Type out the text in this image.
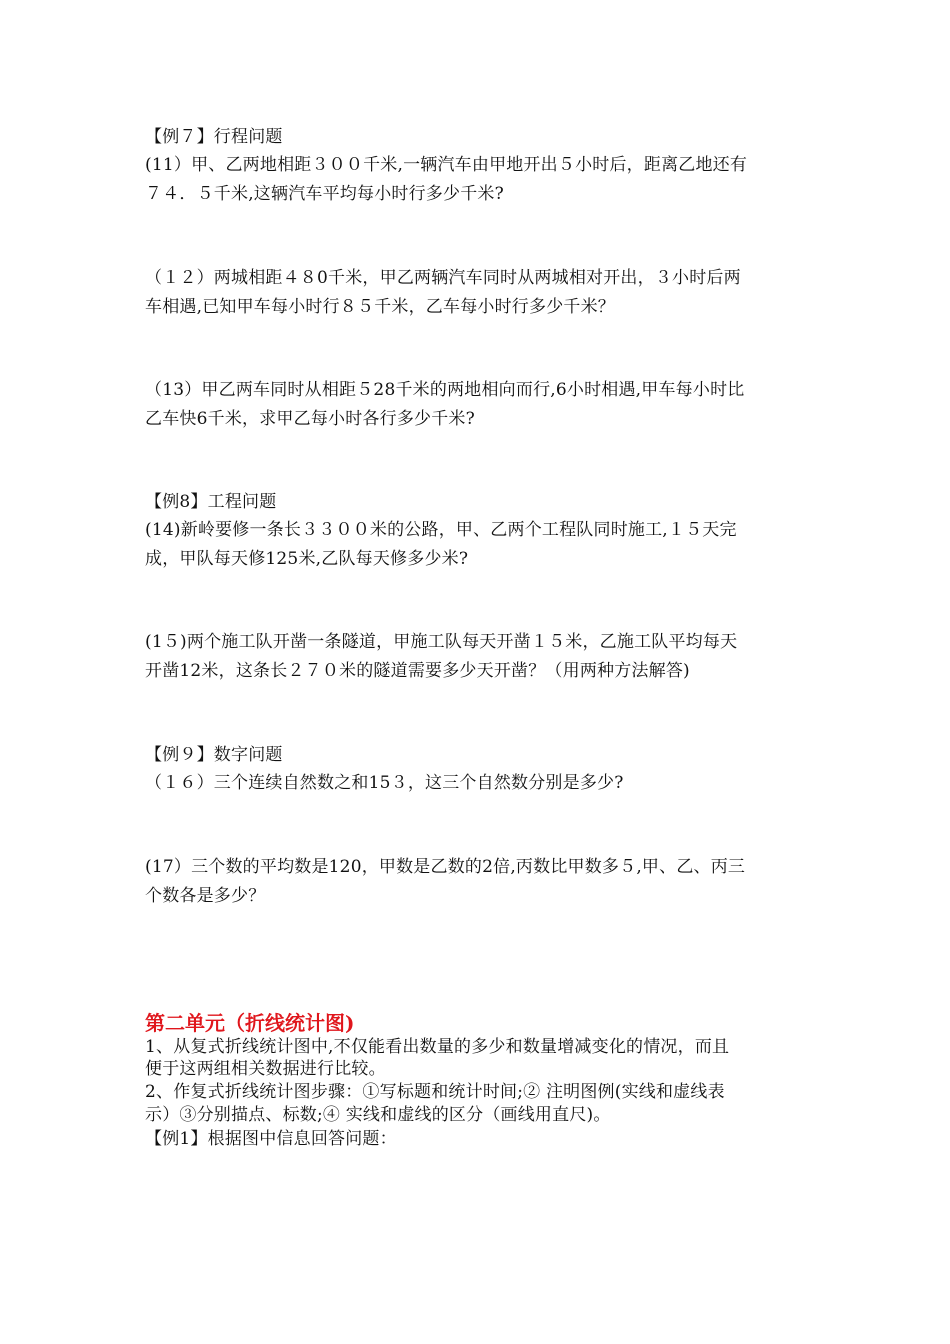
【例７】行程问题
(11）甲、乙两地相距３００千米,一辆汽车由甲地开出５小时后，距离乙地还有
７４．５千米,这辆汽车平均每小时行多少千米?
（１２）两城相距４８0千米，甲乙两辆汽车同时从两城相对开出，３小时后两
车相遇,已知甲车每小时行８５千米，乙车每小时行多少千米？
（13）甲乙两车同时从相距５28千米的两地相向而行,6小时相遇,甲车每小时比
乙车快6千米，求甲乙每小时各行多少千米?
【例8】工程问题
(14)新岭要修一条长３３００米的公路，甲、乙两个工程队同时施工,１５天完
成，甲队每天修125米,乙队每天修多少米?
(1５)两个施工队开凿一条隧道，甲施工队每天开凿１５米，乙施工队平均每天
开凿12米，这条长２７０米的隧道需要多少天开凿？（用两种方法解答)
【例９】数字问题
（１６）三个连续自然数之和15３，这三个自然数分别是多少?
(17）三个数的平均数是120，甲数是乙数的2倍,丙数比甲数多５,甲、乙、丙三
个数各是多少？
第二单元（折线统计图)
1、从复式折线统计图中,不仅能看出数量的多少和数量增减变化的情况，而且
便于这两组相关数据进行比较。
2、作复式折线统计图步骤：①写标题和统计时间;② 注明图例(实线和虚线表
示）③分别描点、标数;④ 实线和虚线的区分（画线用直尺)。
【例1】根据图中信息回答问题：
